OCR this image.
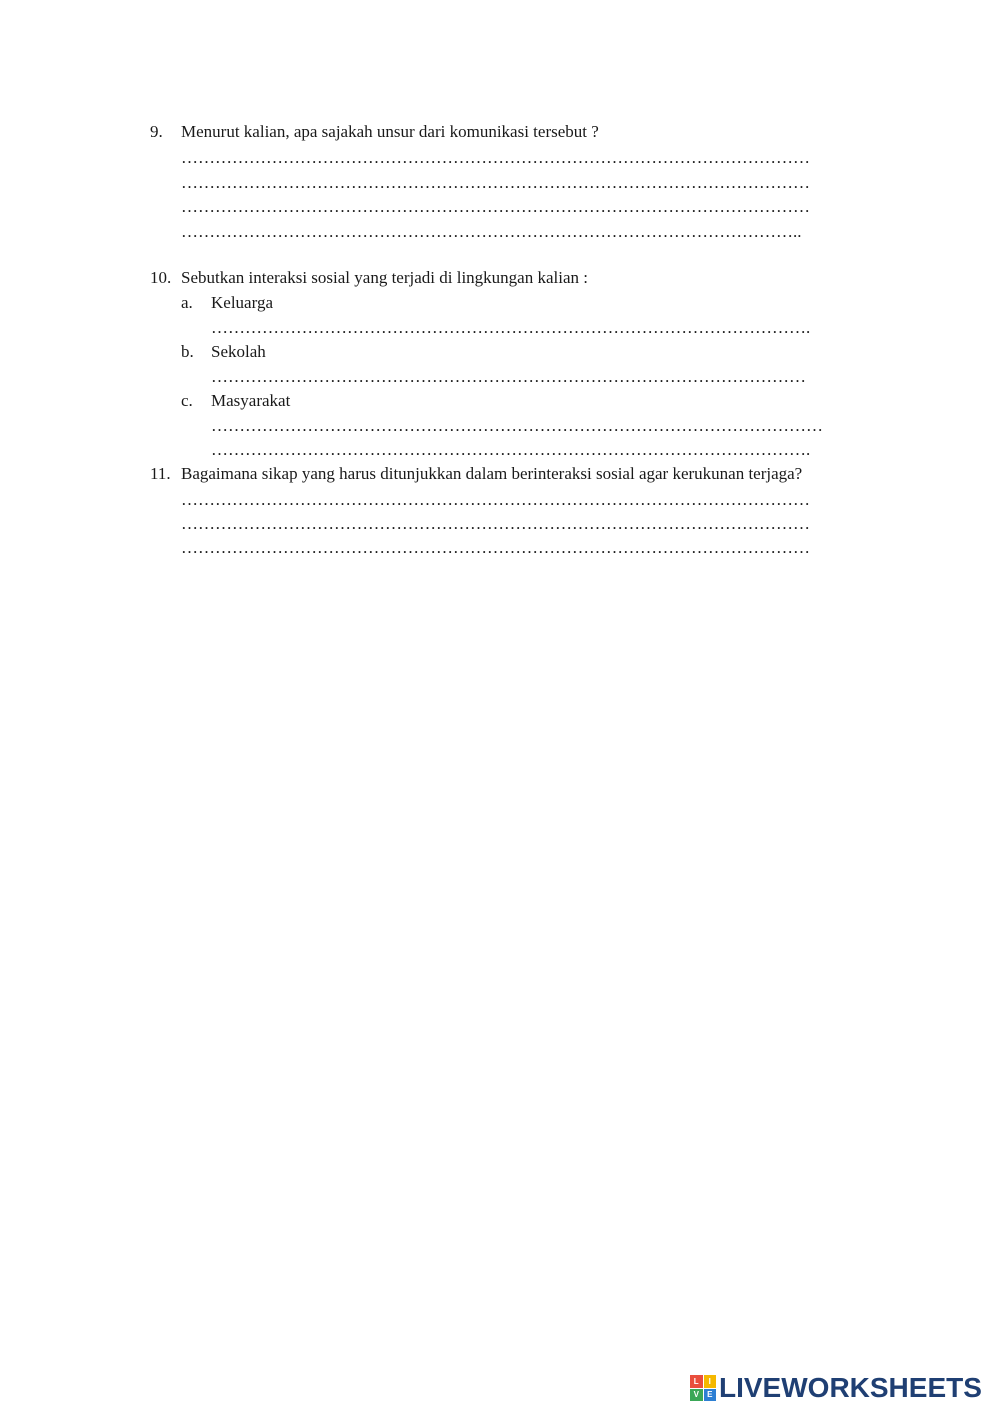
9. Menurut kalian, apa sajakah unsur dari komunikasi tersebut ?
…………………………………………………………………………………………………
…………………………………………………………………………………………………
…………………………………………………………………………………………………
………………………………………………………………………………………………..
10. Sebutkan interaksi sosial yang terjadi di lingkungan kalian :
a. Keluarga
…………………………………………………………………………………………….
b. Sekolah
……………………………………………………………………………………………
c. Masyarakat
………………………………………………………………………………………………
…………………………………………………………………………………………….
11. Bagaimana sikap yang harus ditunjukkan dalam berinteraksi sosial agar kerukunan terjaga?
…………………………………………………………………………………………………
…………………………………………………………………………………………………
…………………………………………………………………………………………………
L	I
V	E LIVEWORKSHEETS
